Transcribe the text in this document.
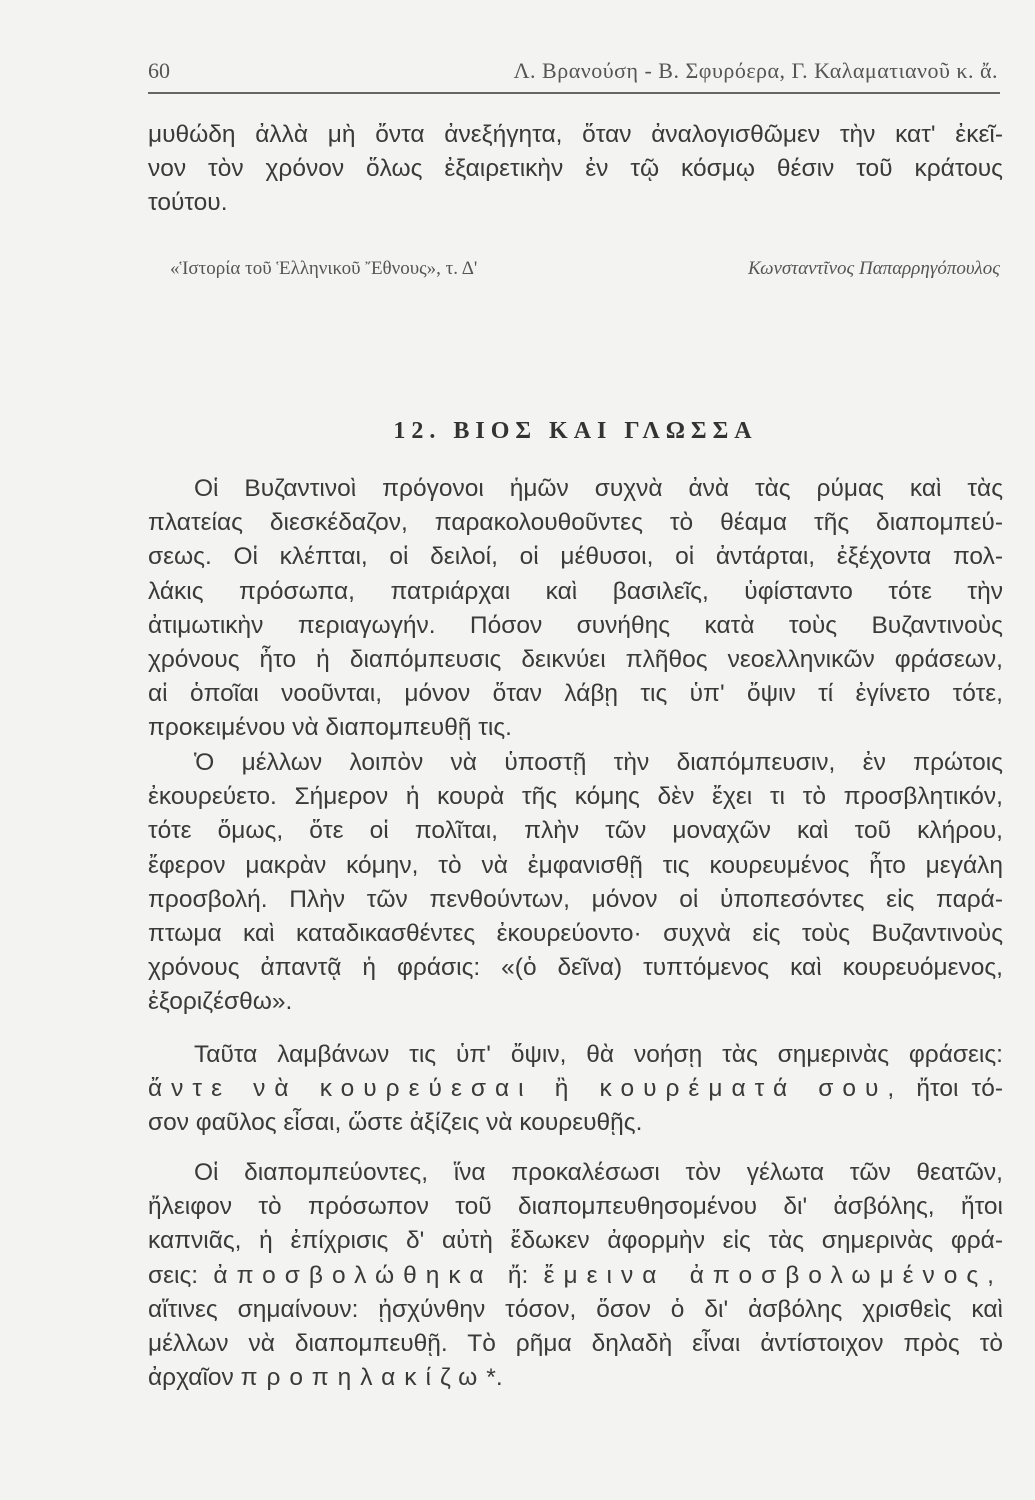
60	Λ. Βρανούση - Β. Σφυρόερα, Γ. Καλαματιανοῦ κ. ἄ.
μυθώδη ἀλλὰ μὴ ὄντα ἀνεξήγητα, ὅταν ἀναλογισθῶμεν τὴν κατ' ἐκεῖ-
νον τὸν χρόνον ὅλως ἐξαιρετικὴν ἐν τῷ κόσμῳ θέσιν τοῦ κράτους
τούτου.
«Ἱστορία τοῦ Ἑλληνικοῦ Ἔθνους», τ. Δ'	Κωνσταντῖνος Παπαρρηγόπουλος
12. ΒΙΟΣ ΚΑΙ ΓΛΩΣΣΑ
Οἱ Βυζαντινοὶ πρόγονοι ἡμῶν συχνὰ ἀνὰ τὰς ρύμας καὶ τὰς
πλατείας διεσκέδαζον, παρακολουθοῦντες τὸ θέαμα τῆς διαπομπεύ-
σεως. Οἱ κλέπται, οἱ δειλοί, οἱ μέθυσοι, οἱ ἀντάρται, ἐξέχοντα πολ-
λάκις πρόσωπα, πατριάρχαι καὶ βασιλεῖς, ὑφίσταντο τότε τὴν
ἀτιμωτικὴν περιαγωγήν. Πόσον συνήθης κατὰ τοὺς Βυζαντινοὺς
χρόνους ἦτο ἡ διαπόμπευσις δεικνύει πλῆθος νεοελληνικῶν φράσεων,
αἱ ὁποῖαι νοοῦνται, μόνον ὅταν λάβῃ τις ὑπ' ὄψιν τί ἐγίνετο τότε,
προκειμένου νὰ διαπομπευθῇ τις.
Ὁ μέλλων λοιπὸν νὰ ὑποστῇ τὴν διαπόμπευσιν, ἐν πρώτοις
ἐκουρεύετο. Σήμερον ἡ κουρὰ τῆς κόμης δὲν ἔχει τι τὸ προσβλητικόν,
τότε ὅμως, ὅτε οἱ πολῖται, πλὴν τῶν μοναχῶν καὶ τοῦ κλήρου,
ἔφερον μακρὰν κόμην, τὸ νὰ ἐμφανισθῇ τις κουρευμένος ἦτο μεγάλη
προσβολή. Πλὴν τῶν πενθούντων, μόνον οἱ ὑποπεσόντες εἰς παρά-
πτωμα καὶ καταδικασθέντες ἐκουρεύοντο· συχνὰ εἰς τοὺς Βυζαντινοὺς
χρόνους ἀπαντᾷ ἡ φράσις: «(ὁ δεῖνα) τυπτόμενος καὶ κουρευόμενος,
ἐξοριζέσθω».
Ταῦτα λαμβάνων τις ὑπ' ὄψιν, θὰ νοήσῃ τὰς σημερινὰς φράσεις:
ἄντε νὰ κουρεύεσαι ἢ κουρέματά σου, ἤτοι τό-
σον φαῦλος εἶσαι, ὥστε ἀξίζεις νὰ κουρευθῇς.
Οἱ διαπομπεύοντες, ἵνα προκαλέσωσι τὸν γέλωτα τῶν θεατῶν,
ἤλειφον τὸ πρόσωπον τοῦ διαπομπευθησομένου δι' ἀσβόλης, ἤτοι
καπνιᾶς, ἡ ἐπίχρισις δ' αὐτὴ ἔδωκεν ἀφορμὴν εἰς τὰς σημερινὰς φρά-
σεις: ἀποσβολώθηκα ἤ: ἔμεινα ἀποσβολωμένος,
αἵτινες σημαίνουν: ᾐσχύνθην τόσον, ὅσον ὁ δι' ἀσβόλης χρισθεὶς καὶ
μέλλων νὰ διαπομπευθῇ. Τὸ ρῆμα δηλαδὴ εἶναι ἀντίστοιχον πρὸς τὸ
ἀρχαῖον προπηλακίζω*.
